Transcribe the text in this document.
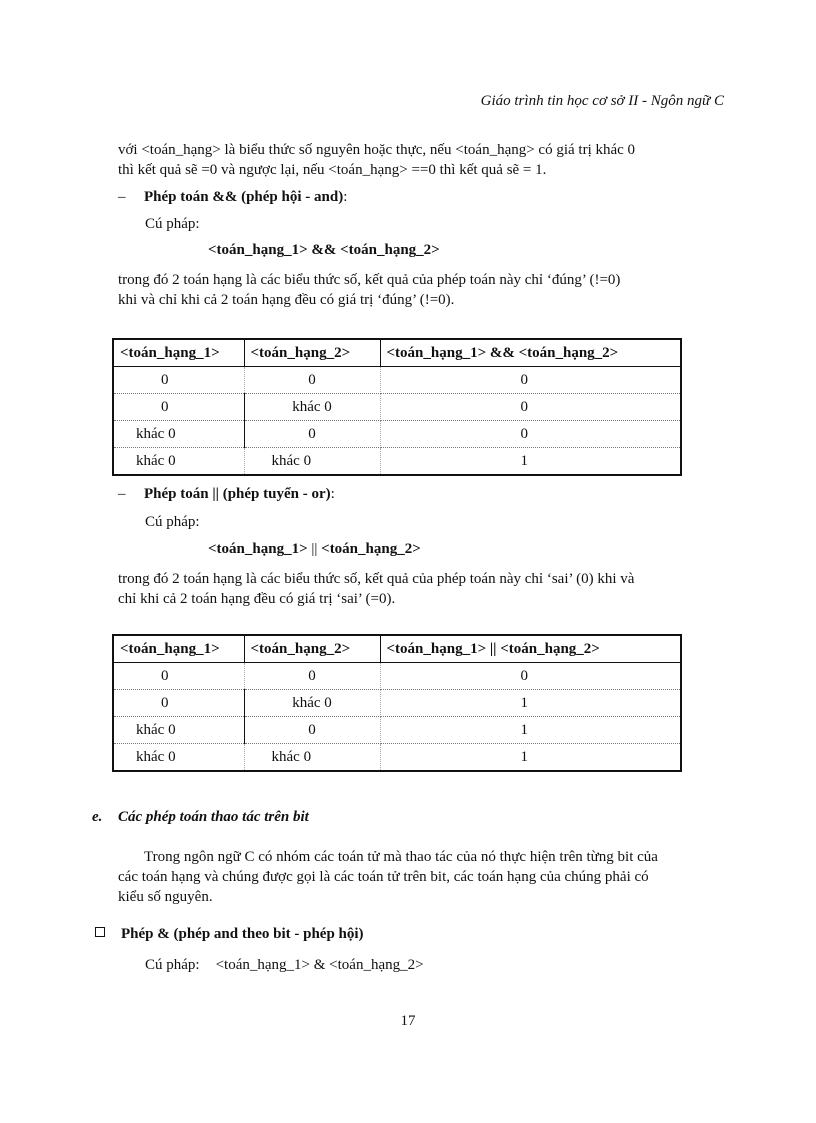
Giáo trình tin học cơ sở II - Ngôn ngữ C
với <toán_hạng> là biểu thức số nguyên hoặc thực, nếu <toán_hạng> có giá trị khác 0
thì kết quả sẽ =0 và ngược lại, nếu <toán_hạng> ==0 thì kết quả sẽ = 1.
– Phép toán && (phép hội - and):
Cú pháp:
<toán_hạng_1> && <toán_hạng_2>
trong đó 2 toán hạng là các biểu thức số, kết quả của phép toán này chỉ ‘đúng’ (!=0)
khi và chỉ khi cả 2 toán hạng đều có giá trị ‘đúng’ (!=0).
<toán_hạng_1>	<toán_hạng_2>	<toán_hạng_1> && <toán_hạng_2>
0	0	0
0	khác 0	0
khác 0	0	0
khác 0	khác 0	1
– Phép toán || (phép tuyển - or):
Cú pháp:
<toán_hạng_1> || <toán_hạng_2>
trong đó 2 toán hạng là các biểu thức số, kết quả của phép toán này chỉ ‘sai’ (0) khi và
chỉ khi cả 2 toán hạng đều có giá trị ‘sai’ (=0).
<toán_hạng_1>	<toán_hạng_2>	<toán_hạng_1> || <toán_hạng_2>
0	0	0
0	khác 0	1
khác 0	0	1
khác 0	khác 0	1
e. Các phép toán thao tác trên bit
Trong ngôn ngữ C có nhóm các toán tử mà thao tác của nó thực hiện trên từng bit của
các toán hạng và chúng được gọi là các toán tử trên bit, các toán hạng của chúng phải có
kiểu số nguyên.
Phép & (phép and theo bit - phép hội)
Cú pháp: <toán_hạng_1> & <toán_hạng_2>
17
